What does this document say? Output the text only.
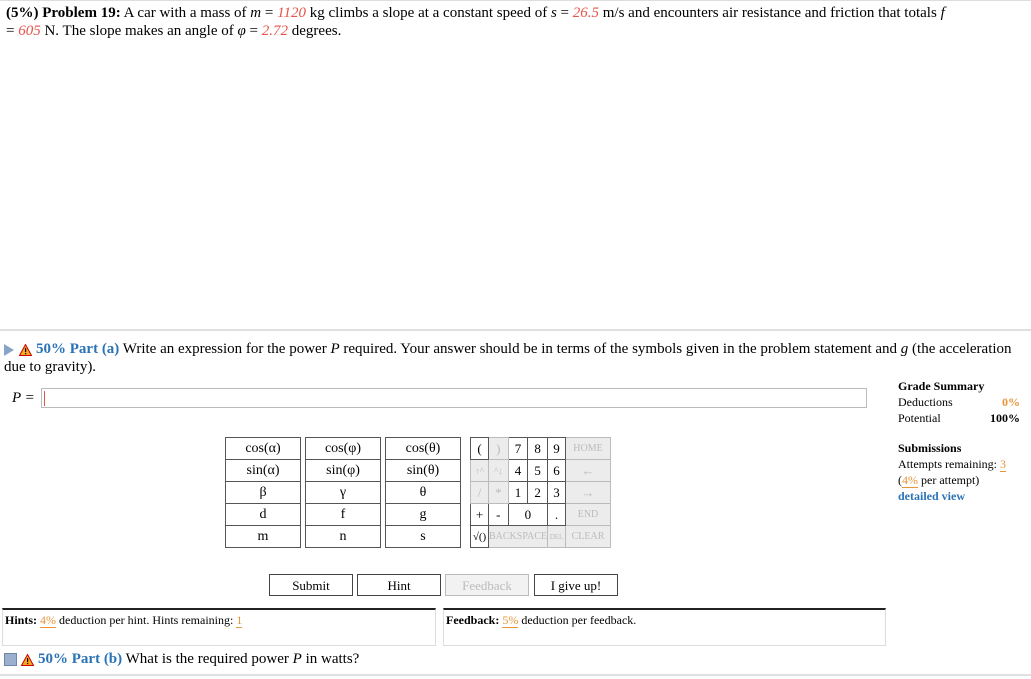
(5%) Problem 19: A car with a mass of m = 1120 kg climbs a slope at a constant speed of s = 26.5 m/s and encounters air resistance and friction that totals f
= 605 N. The slope makes an angle of φ = 2.72 degrees.
50% Part (a) Write an expression for the power P required. Your answer should be in terms of the symbols given in the problem statement and g (the acceleration due to gravity).
P =
Grade Summary
Deductions	0%
Potential	100%
Submissions
Attempts remaining: 3
(4% per attempt)
detailed view
cos(α)		cos(φ)		cos(θ)
sin(α)		sin(φ)		sin(θ)
β		γ		θ
d		f		g
m		n		s
(	)	7	8	9	HOME
↑^	^↓	4	5	6	←
/	*	1	2	3	→
+	-	0		.	END
√()	BACKSPACE			DEL	CLEAR
Submit	Hint	Feedback	I give up!
Hints: 4% deduction per hint. Hints remaining: 1	Feedback: 5% deduction per feedback.
50% Part (b) What is the required power P in watts?
